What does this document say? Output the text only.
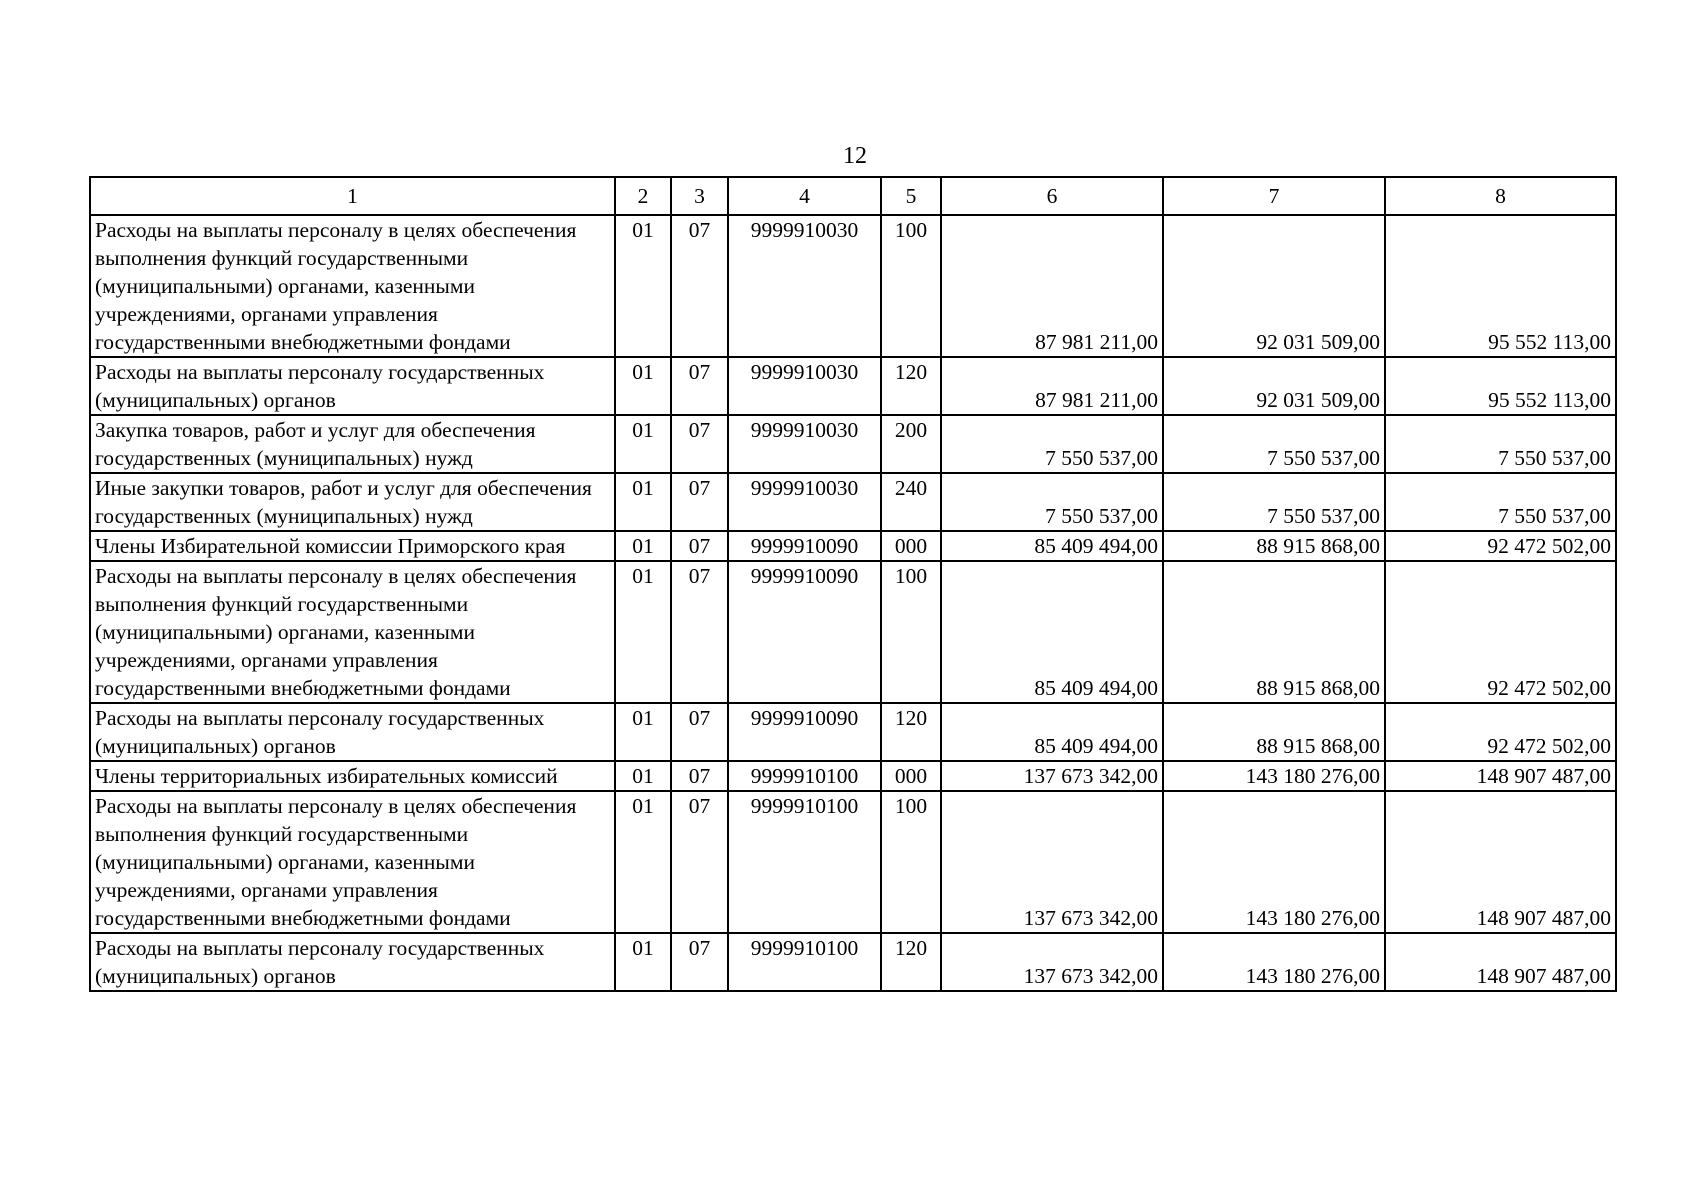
12
1	2	3	4	5	6	7	8
Расходы на выплаты персоналу в целях обеспечения выполнения функций государственными (муниципальными) органами, казенными учреждениями, органами управления государственными внебюджетными фондами	01	07	9999910030	100	87 981 211,00	92 031 509,00	95 552 113,00
Расходы на выплаты персоналу государственных (муниципальных) органов	01	07	9999910030	120	87 981 211,00	92 031 509,00	95 552 113,00
Закупка товаров, работ и услуг для обеспечения государственных (муниципальных) нужд	01	07	9999910030	200	7 550 537,00	7 550 537,00	7 550 537,00
Иные закупки товаров, работ и услуг для обеспечения государственных (муниципальных) нужд	01	07	9999910030	240	7 550 537,00	7 550 537,00	7 550 537,00
Члены Избирательной комиссии Приморского края	01	07	9999910090	000	85 409 494,00	88 915 868,00	92 472 502,00
Расходы на выплаты персоналу в целях обеспечения выполнения функций государственными (муниципальными) органами, казенными учреждениями, органами управления государственными внебюджетными фондами	01	07	9999910090	100	85 409 494,00	88 915 868,00	92 472 502,00
Расходы на выплаты персоналу государственных (муниципальных) органов	01	07	9999910090	120	85 409 494,00	88 915 868,00	92 472 502,00
Члены территориальных избирательных комиссий	01	07	9999910100	000	137 673 342,00	143 180 276,00	148 907 487,00
Расходы на выплаты персоналу в целях обеспечения выполнения функций государственными (муниципальными) органами, казенными учреждениями, органами управления государственными внебюджетными фондами	01	07	9999910100	100	137 673 342,00	143 180 276,00	148 907 487,00
Расходы на выплаты персоналу государственных (муниципальных) органов	01	07	9999910100	120	137 673 342,00	143 180 276,00	148 907 487,00
